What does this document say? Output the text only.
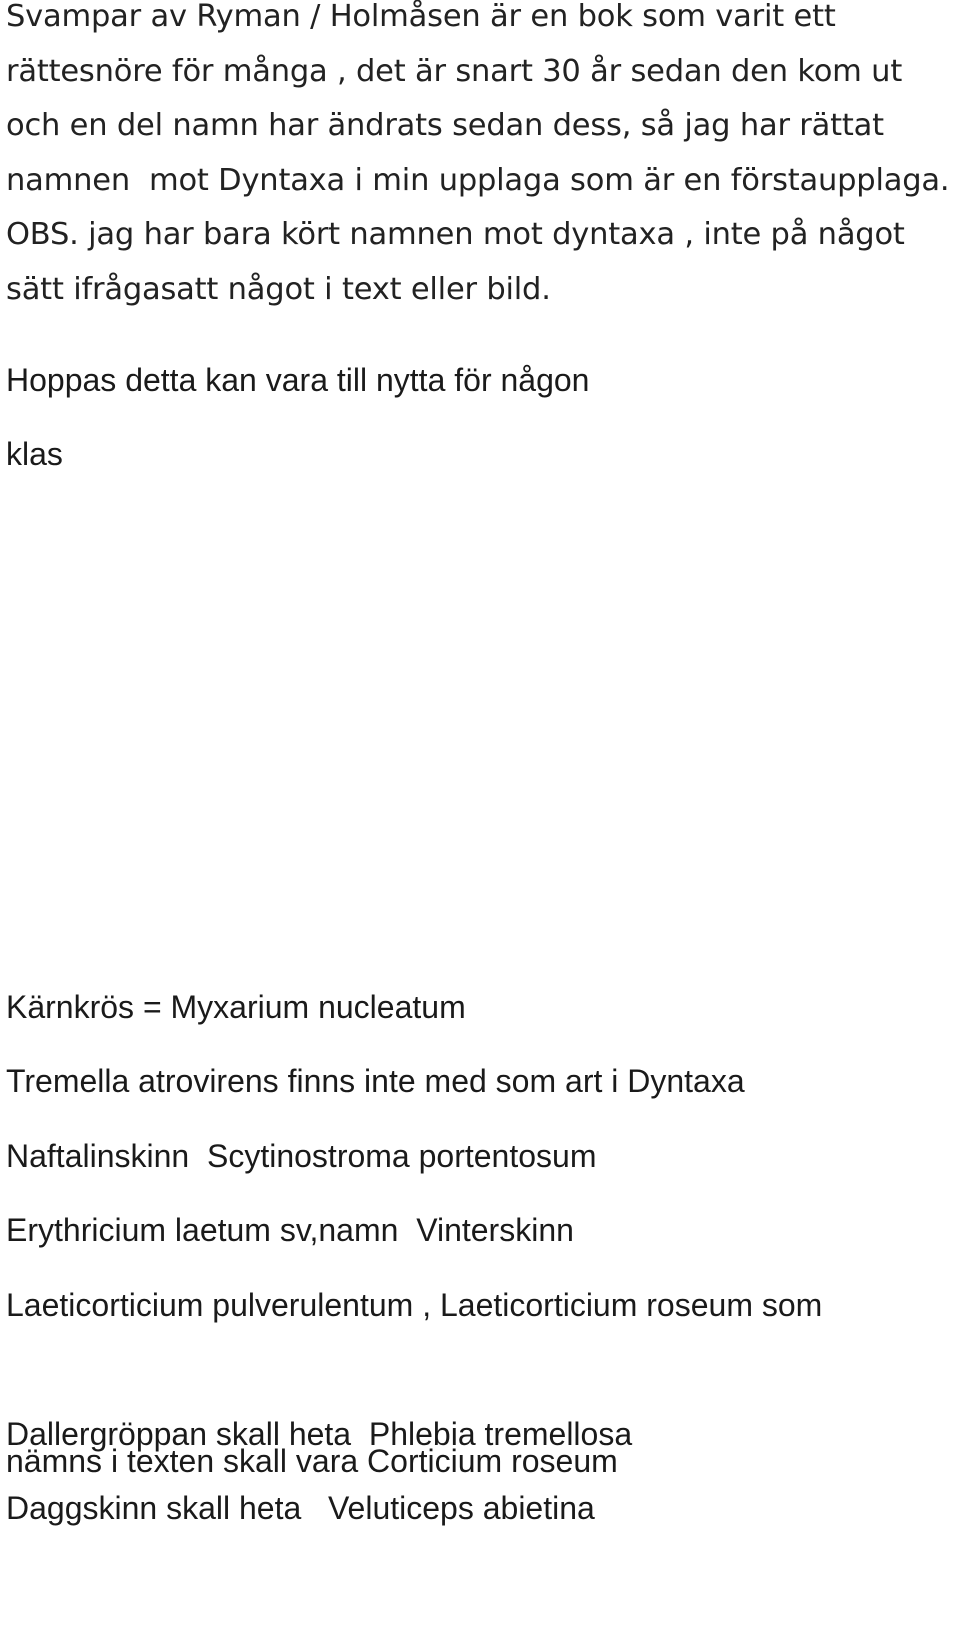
Svampar av Ryman / Holmåsen är en bok som varit ett
rättesnöre för många , det är snart 30 år sedan den kom ut
och en del namn har ändrats sedan dess, så jag har rättat
namnen  mot Dyntaxa i min upplaga som är en förstaupplaga.
OBS. jag har bara kört namnen mot dyntaxa , inte på något
sätt ifrågasatt något i text eller bild.

Hoppas detta kan vara till nytta för någon

klas

Kärnkrös = Myxarium nucleatum

Tremella atrovirens finns inte med som art i Dyntaxa

Naftalinskinn  Scytinostroma portentosum

Erythricium laetum sv,namn  Vinterskinn

Laeticorticium pulverulentum , Laeticorticium roseum som

nämns i texten skall vara Corticium roseum

Dallergröppan skall heta  Phlebia tremellosa

Daggskinn skall heta   Veluticeps abietina
